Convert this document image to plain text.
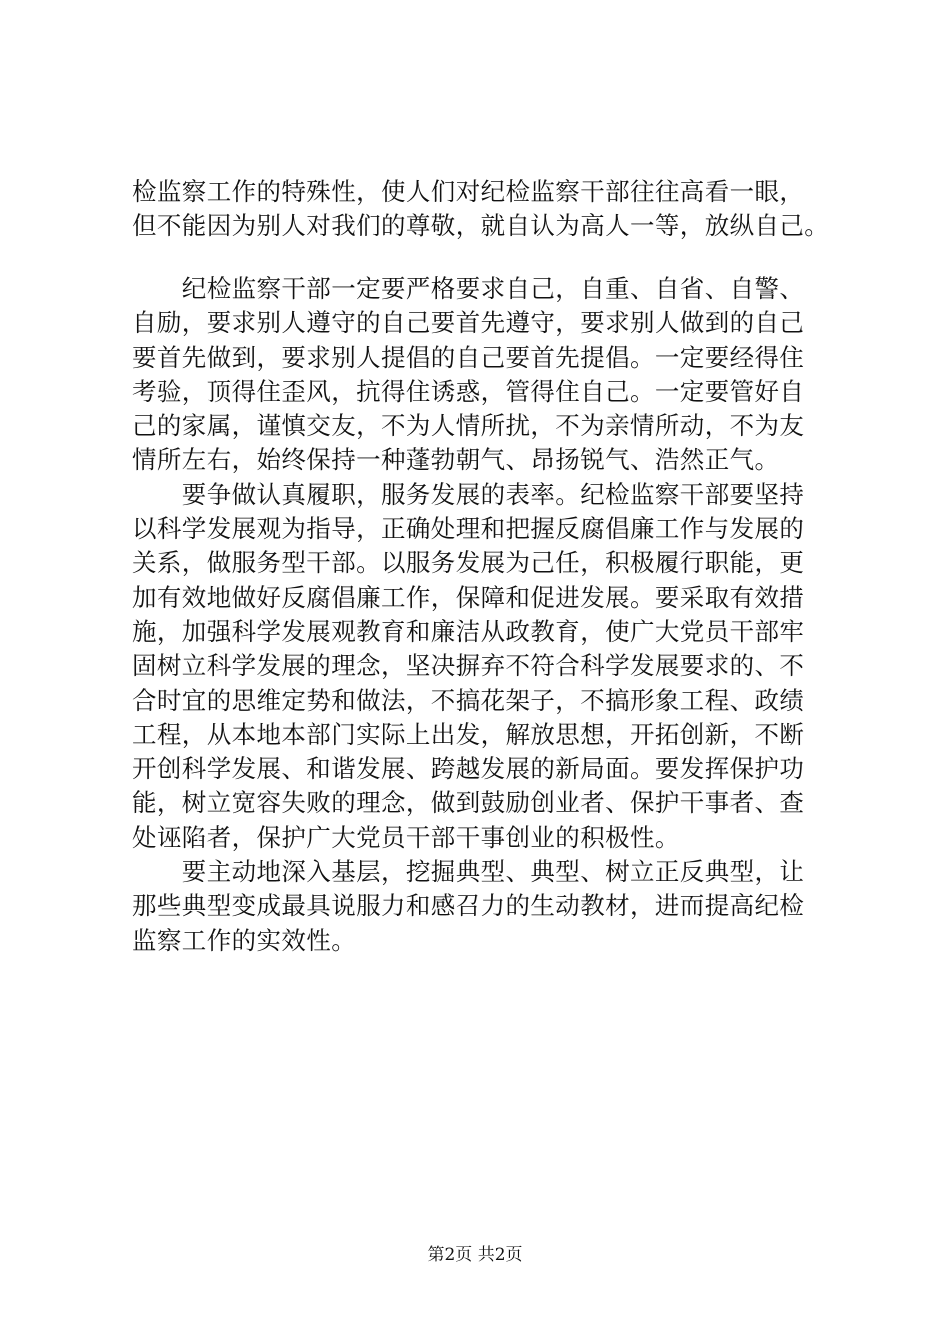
检监察工作的特殊性，使人们对纪检监察干部往往高看一眼，
但不能因为别人对我们的尊敬，就自认为高人一等，放纵自己。
　　纪检监察干部一定要严格要求自己，自重、自省、自警、
自励，要求别人遵守的自己要首先遵守，要求别人做到的自己
要首先做到，要求别人提倡的自己要首先提倡。一定要经得住
考验，顶得住歪风，抗得住诱惑，管得住自己。一定要管好自
己的家属，谨慎交友，不为人情所扰，不为亲情所动，不为友
情所左右，始终保持一种蓬勃朝气、昂扬锐气、浩然正气。
　　要争做认真履职，服务发展的表率。纪检监察干部要坚持
以科学发展观为指导，正确处理和把握反腐倡廉工作与发展的
关系，做服务型干部。以服务发展为己任，积极履行职能，更
加有效地做好反腐倡廉工作，保障和促进发展。要采取有效措
施，加强科学发展观教育和廉洁从政教育，使广大党员干部牢
固树立科学发展的理念，坚决摒弃不符合科学发展要求的、不
合时宜的思维定势和做法，不搞花架子，不搞形象工程、政绩
工程，从本地本部门实际上出发，解放思想，开拓创新，不断
开创科学发展、和谐发展、跨越发展的新局面。要发挥保护功
能，树立宽容失败的理念，做到鼓励创业者、保护干事者、查
处诬陷者，保护广大党员干部干事创业的积极性。
　　要主动地深入基层，挖掘典型、典型、树立正反典型，让
那些典型变成最具说服力和感召力的生动教材，进而提高纪检
监察工作的实效性。
第2页 共2页
